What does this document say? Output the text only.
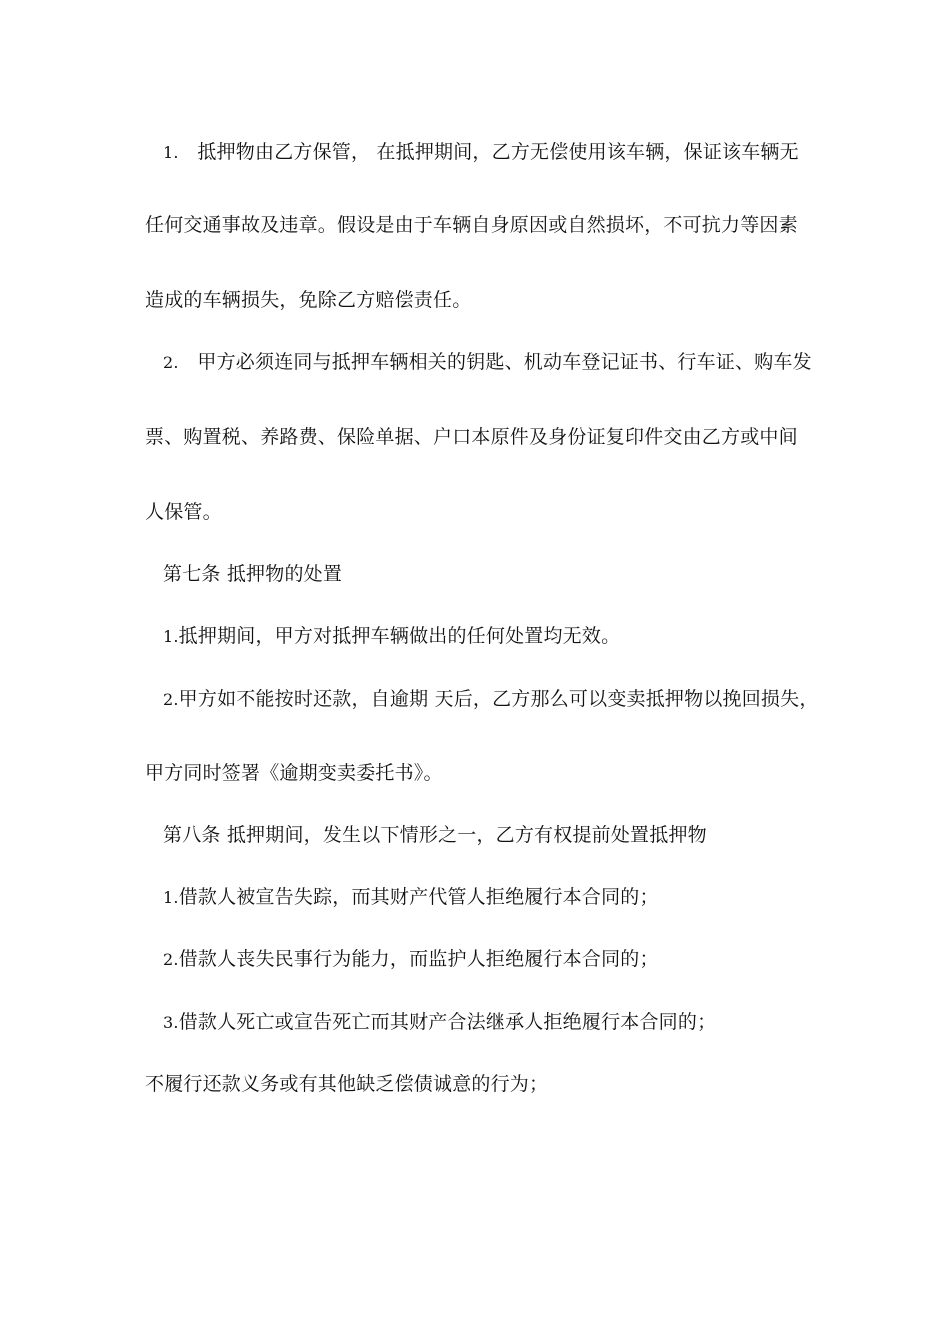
1. 抵押物由乙方保管， 在抵押期间，乙方无偿使用该车辆，保证该车辆无
任何交通事故及违章。假设是由于车辆自身原因或自然损坏，不可抗力等因素
造成的车辆损失，免除乙方赔偿责任。
2. 甲方必须连同与抵押车辆相关的钥匙、机动车登记证书、行车证、购车发
票、购置税、养路费、保险单据、户口本原件及身份证复印件交由乙方或中间
人保管。
第七条 抵押物的处置
1.抵押期间，甲方对抵押车辆做出的任何处置均无效。
2.甲方如不能按时还款，自逾期 天后，乙方那么可以变卖抵押物以挽回损失，
甲方同时签署《逾期变卖委托书》。
第八条 抵押期间，发生以下情形之一，乙方有权提前处置抵押物
1.借款人被宣告失踪，而其财产代管人拒绝履行本合同的；
2.借款人丧失民事行为能力，而监护人拒绝履行本合同的；
3.借款人死亡或宣告死亡而其财产合法继承人拒绝履行本合同的；
不履行还款义务或有其他缺乏偿债诚意的行为；
